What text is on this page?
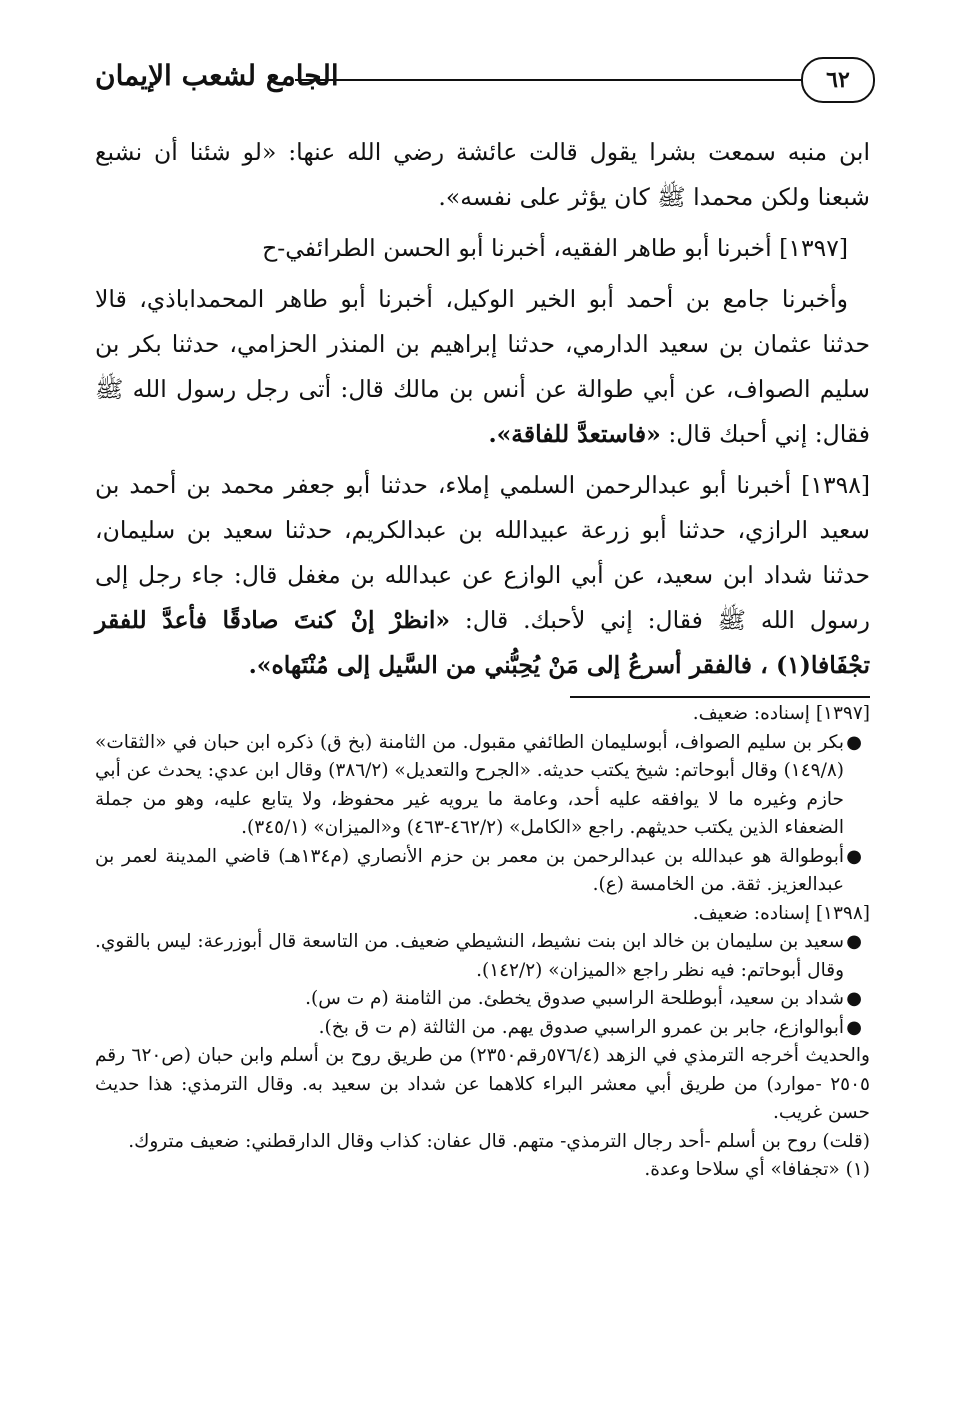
٦٢
الجامع لشعب الإيمان

ابن منبه سمعت بشرا يقول قالت عائشة رضي الله عنها: «لو شئنا أن نشبع شبعنا ولكن محمدا ﷺ كان يؤثر على نفسه».

[١٣٩٧] أخبرنا أبو طاهر الفقيه، أخبرنا أبو الحسن الطرائفي-ح

وأخبرنا جامع بن أحمد أبو الخير الوكيل، أخبرنا أبو طاهر المحمداباذي، قالا حدثنا عثمان بن سعيد الدارمي، حدثنا إبراهيم بن المنذر الحزامي، حدثنا بكر بن سليم الصواف، عن أبي طوالة عن أنس بن مالك قال: أتى رجل رسول الله ﷺ فقال: إني أحبك قال: «فاستعدَّ للفاقة».

[١٣٩٨] أخبرنا أبو عبدالرحمن السلمي إملاء، حدثنا أبو جعفر محمد بن أحمد بن سعيد الرازي، حدثنا أبو زرعة عبيدالله بن عبدالكريم، حدثنا سعيد بن سليمان، حدثنا شداد ابن سعيد، عن أبي الوازع عن عبدالله بن مغفل قال: جاء رجل إلى رسول الله ﷺ فقال: إني لأحبك. قال: «انظرْ إنْ كنتَ صادقًا فأعدَّ للفقر تجْفَافا(١) ، فالفقر أسرعُ إلى مَنْ يُحِبُّني من السَّيل إلى مُنْتَهاه».

[١٣٩٧] إسناده: ضعيف.

●
بكر بن سليم الصواف، أبوسليمان الطائفي مقبول. من الثامنة (بخ ق) ذكره ابن حبان في «الثقات» (١٤٩/٨) وقال أبوحاتم: شيخ يكتب حديثه. «الجرح والتعديل» (٣٨٦/٢) وقال ابن عدي: يحدث عن أبي حازم وغيره ما لا يوافقه عليه أحد، وعامة ما يرويه غير محفوظ، ولا يتابع عليه، وهو من جملة الضعفاء الذين يكتب حديثهم. راجع «الكامل» (٤٦٢/٢-٤٦٣) و«الميزان» (٣٤٥/١).
●
أبوطوالة هو عبدالله بن عبدالرحمن بن معمر بن حزم الأنصاري (م١٣٤هـ) قاضي المدينة لعمر بن عبدالعزيز. ثقة. من الخامسة (ع).

[١٣٩٨] إسناده: ضعيف.

●
سعيد بن سليمان بن خالد ابن بنت نشيط، النشيطي ضعيف. من التاسعة قال أبوزرعة: ليس بالقوي. وقال أبوحاتم: فيه نظر راجع «الميزان» (١٤٢/٢).
●
شداد بن سعيد، أبوطلحة الراسبي صدوق يخطئ. من الثامنة (م ت س).
●
أبوالوازع، جابر بن عمرو الراسبي صدوق يهم. من الثالثة (م ت ق بخ).

والحديث أخرجه الترمذي في الزهد (٥٧٦/٤رقم٢٣٥٠) من طريق روح بن أسلم وابن حبان (ص٦٢٠ رقم ٢٥٠٥ -موارد) من طريق أبي معشر البراء كلاهما عن شداد بن سعيد به. وقال الترمذي: هذا حديث حسن غريب.

(قلت) روح بن أسلم -أحد رجال الترمذي- متهم. قال عفان: كذاب وقال الدارقطني: ضعيف متروك.

(١) «تجفافا» أي سلاحا وعدة.
